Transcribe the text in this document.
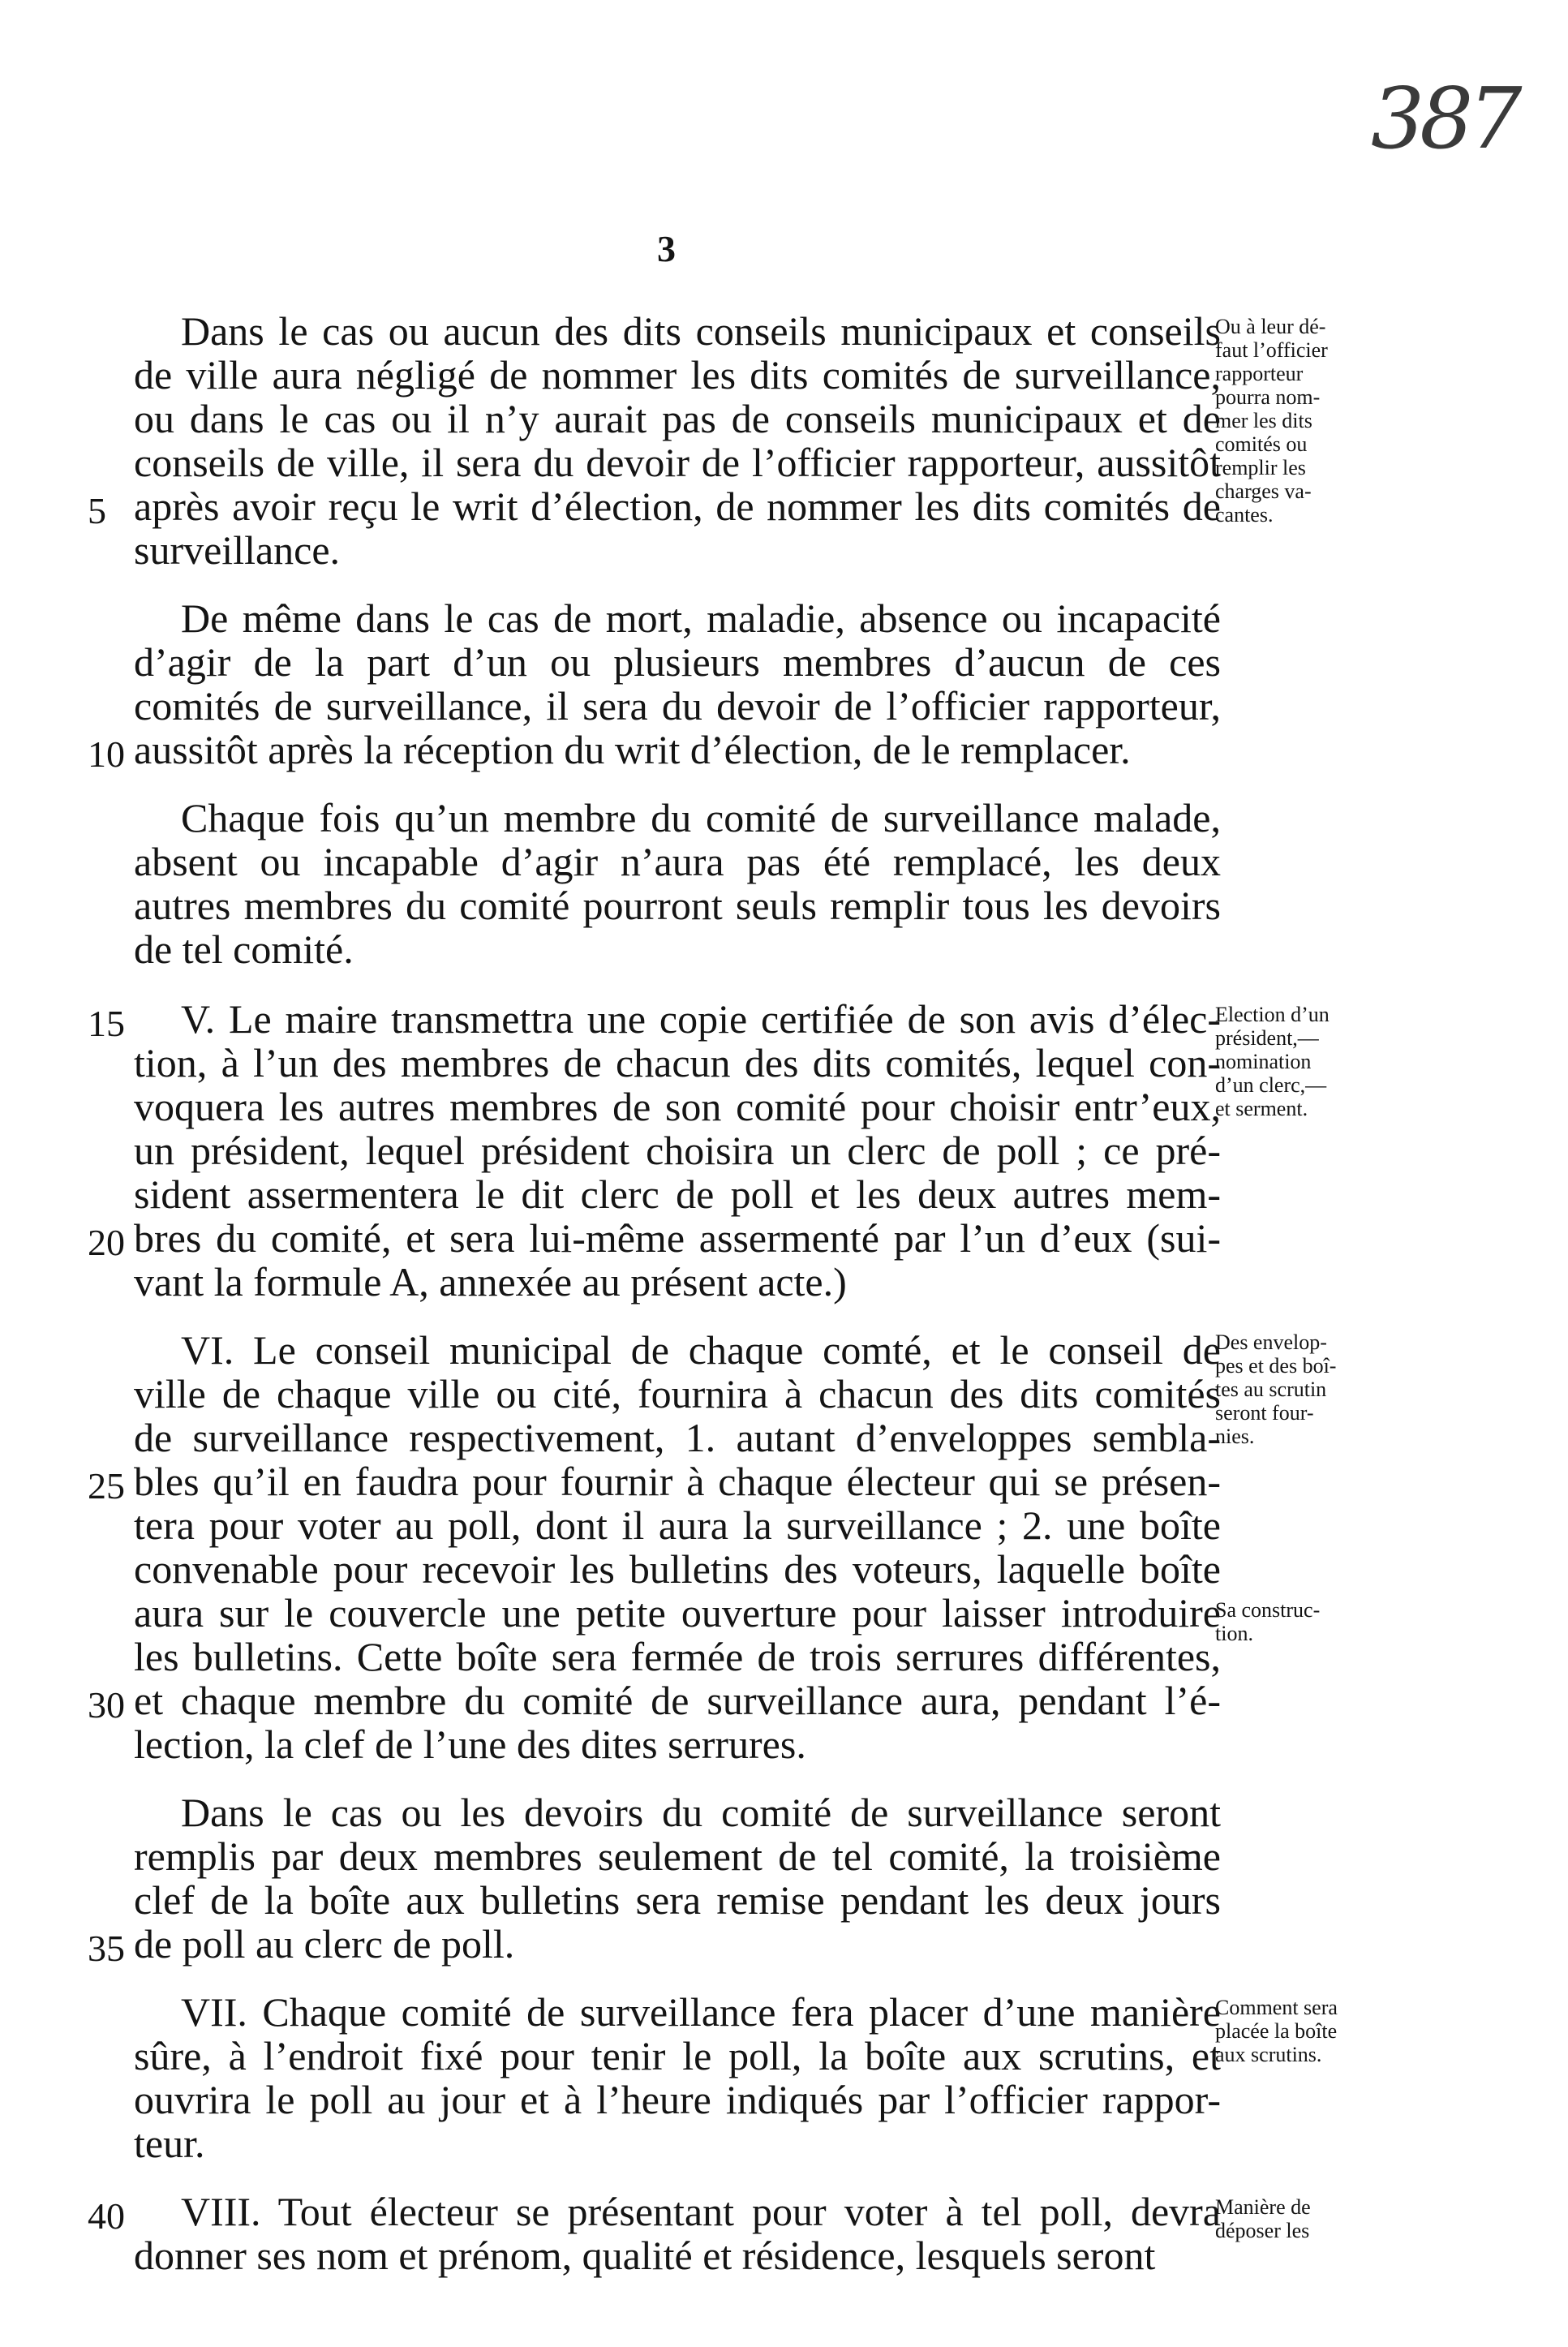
387
3
Dans le cas ou aucun des dits conseils municipaux et conseils
de ville aura négligé de nommer les dits comités de surveillance,
ou dans le cas ou il n’y aurait pas de conseils municipaux et de
conseils de ville, il sera du devoir de l’officier rapporteur, aussitôt
après avoir reçu le writ d’élection, de nommer les dits comités de
surveillance.
De même dans le cas de mort, maladie, absence ou incapacité
d’agir de la part d’un ou plusieurs membres d’aucun de ces
comités de surveillance, il sera du devoir de l’officier rapporteur,
aussitôt après la réception du writ d’élection, de le remplacer.
Chaque fois qu’un membre du comité de surveillance malade,
absent ou incapable d’agir n’aura pas été remplacé, les deux
autres membres du comité pourront seuls remplir tous les devoirs
de tel comité.
V. Le maire transmettra une copie certifiée de son avis d’élec-
tion, à l’un des membres de chacun des dits comités, lequel con-
voquera les autres membres de son comité pour choisir entr’eux,
un président, lequel président choisira un clerc de poll ; ce pré-
sident assermentera le dit clerc de poll et les deux autres mem-
bres du comité, et sera lui-même assermenté par l’un d’eux (sui-
vant la formule A, annexée au présent acte.)
VI. Le conseil municipal de chaque comté, et le conseil de
ville de chaque ville ou cité, fournira à chacun des dits comités
de surveillance respectivement, 1. autant d’enveloppes sembla-
bles qu’il en faudra pour fournir à chaque électeur qui se présen-
tera pour voter au poll, dont il aura la surveillance ; 2. une boîte
convenable pour recevoir les bulletins des voteurs, laquelle boîte
aura sur le couvercle une petite ouverture pour laisser introduire
les bulletins. Cette boîte sera fermée de trois serrures différentes,
et chaque membre du comité de surveillance aura, pendant l’é-
lection, la clef de l’une des dites serrures.
Dans le cas ou les devoirs du comité de surveillance seront
remplis par deux membres seulement de tel comité, la troisième
clef de la boîte aux bulletins sera remise pendant les deux jours
de poll au clerc de poll.
VII. Chaque comité de surveillance fera placer d’une manière
sûre, à l’endroit fixé pour tenir le poll, la boîte aux scrutins, et
ouvrira le poll au jour et à l’heure indiqués par l’officier rappor-
teur.
VIII. Tout électeur se présentant pour voter à tel poll, devra
donner ses nom et prénom, qualité et résidence, lesquels seront
5
10
15
20
25
30
35
40
Ou à leur dé-
faut l’officier
rapporteur
pourra nom-
mer les dits
comités ou
remplir les
charges va-
cantes.
Election d’un
président,—
nomination
d’un clerc,—
et serment.
Des envelop-
pes et des boî-
tes au scrutin
seront four-
nies.
Sa construc-
tion.
Comment sera
placée la boîte
aux scrutins.
Manière de
déposer les
